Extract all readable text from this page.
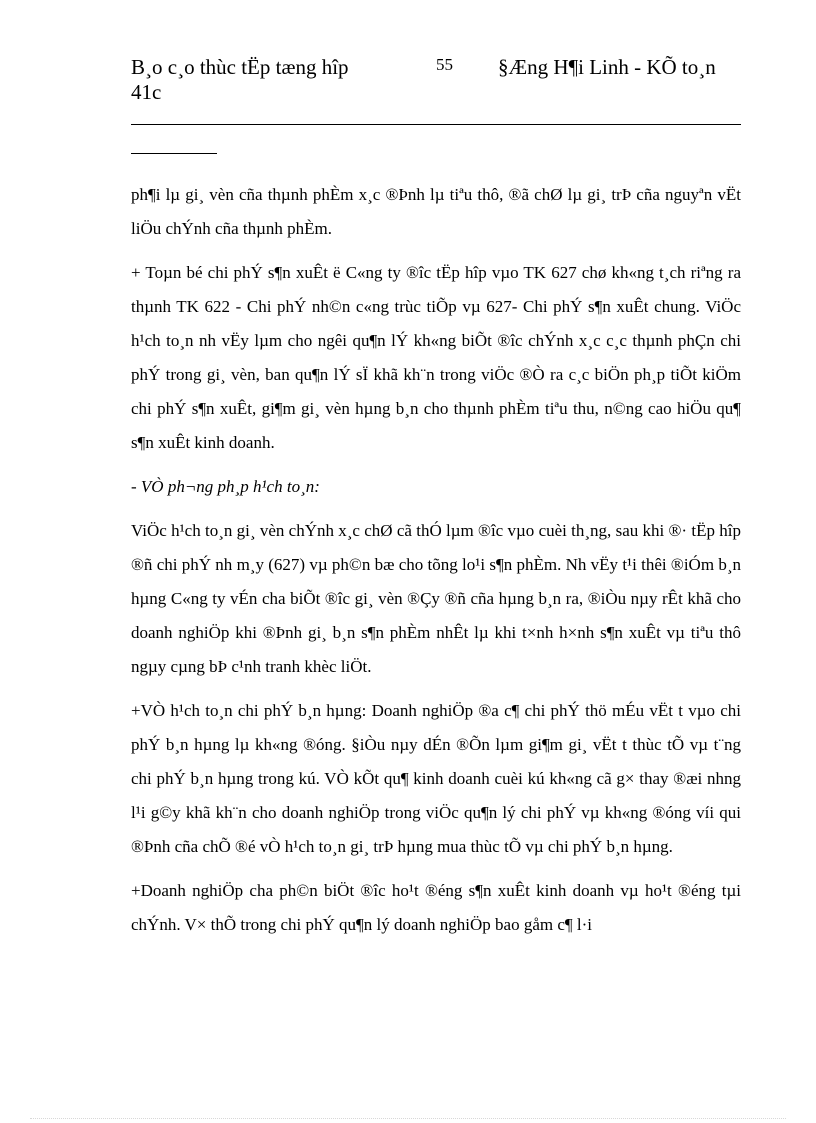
B¸o c¸o thùc tËp tæng hîp	55 §Æng H¶i Linh - KÕ to¸n
41c

ph¶i lµ gi¸ vèn cña thµnh phÈm x¸c ®Þnh lµ tiªu thô, ®ã chØ lµ gi¸ trÞ cña nguyªn vËt liÖu chÝnh cña thµnh phÈm.

+ Toµn bé chi phÝ s¶n xuÊt ë C«ng ty ®îc tËp hîp vµo TK 627 chø kh«ng t¸ch riªng ra thµnh TK 622 - Chi phÝ nh©n c«ng trùc tiÕp vµ 627- Chi phÝ s¶n xuÊt chung. ViÖc h¹ch to¸n nh vËy lµm cho ngêi qu¶n lÝ kh«ng biÕt ®îc chÝnh x¸c c¸c thµnh phÇn chi phÝ trong gi¸ vèn, ban qu¶n lÝ sÏ khã kh¨n trong viÖc ®Ò ra c¸c biÖn ph¸p tiÕt kiÖm chi phÝ s¶n xuÊt, gi¶m gi¸ vèn hµng b¸n cho thµnh phÈm tiªu thu, n©ng cao hiÖu qu¶ s¶n xuÊt kinh doanh.

- VÒ ph¬ng ph¸p h¹ch to¸n:

ViÖc h¹ch to¸n gi¸ vèn chÝnh x¸c chØ cã thÓ lµm ®îc vµo cuèi th¸ng, sau khi ®· tËp hîp ®ñ chi phÝ nh m¸y (627) vµ ph©n bæ cho tõng lo¹i s¶n phÈm. Nh vËy t¹i thêi ®iÓm b¸n hµng C«ng ty vÉn cha biÕt ®îc gi¸ vèn ®Çy ®ñ cña hµng b¸n ra, ®iÒu nµy rÊt khã cho doanh nghiÖp khi ®Þnh gi¸ b¸n s¶n phÈm nhÊt lµ khi t×nh h×nh s¶n xuÊt vµ tiªu thô ngµy cµng bÞ c¹nh tranh khèc liÖt.

+VÒ h¹ch to¸n chi phÝ b¸n hµng: Doanh nghiÖp ®a c¶ chi phÝ thö mÉu vËt t vµo chi phÝ b¸n hµng lµ kh«ng ®óng. §iÒu nµy dÉn ®Õn lµm gi¶m gi¸ vËt t thùc tÕ vµ t¨ng chi phÝ b¸n hµng trong kú. VÒ kÕt qu¶ kinh doanh cuèi kú kh«ng cã g× thay ®æi nhng l¹i g©y khã kh¨n cho doanh nghiÖp trong viÖc qu¶n lý chi phÝ vµ kh«ng ®óng víi qui ®Þnh cña chÕ ®é vÒ h¹ch to¸n gi¸ trÞ hµng mua thùc tÕ vµ chi phÝ b¸n hµng.

+Doanh nghiÖp cha ph©n biÖt ®îc ho¹t ®éng s¶n xuÊt kinh doanh vµ ho¹t ®éng tµi chÝnh. V× thÕ trong chi phÝ qu¶n lý doanh nghiÖp bao gåm c¶ l·i
